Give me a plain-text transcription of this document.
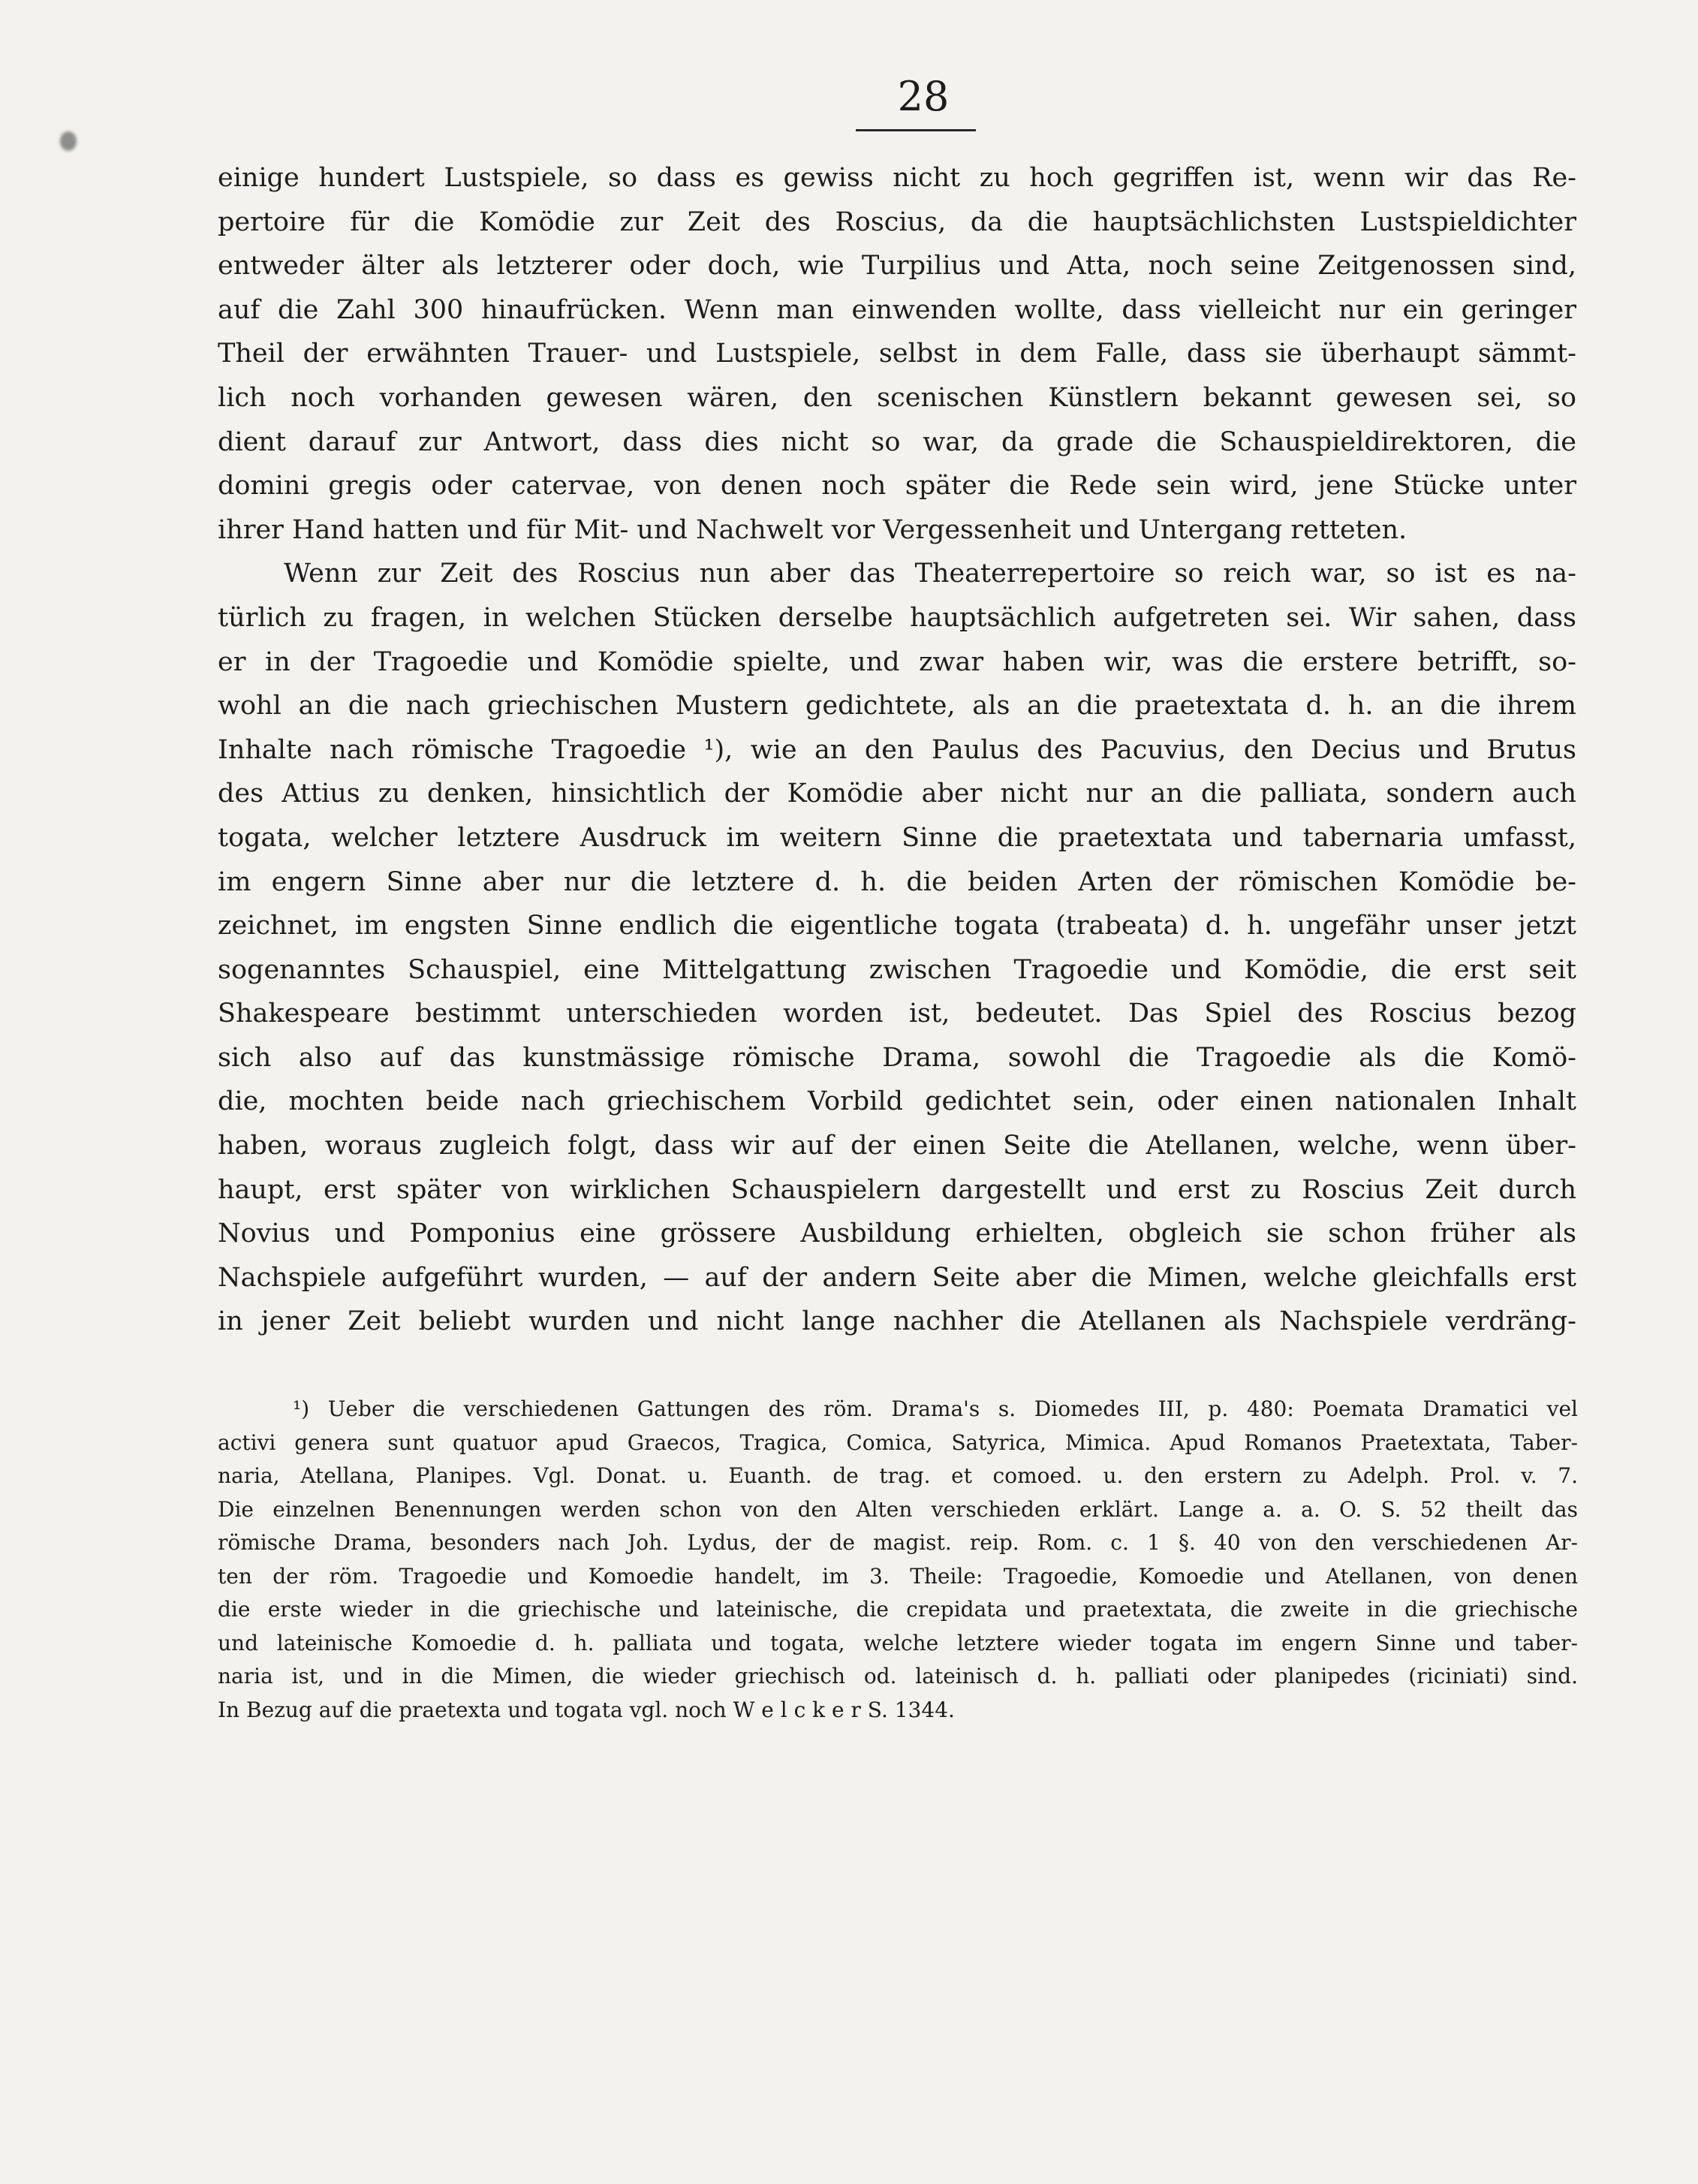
28
einige hundert Lustspiele, so dass es gewiss nicht zu hoch gegriffen ist, wenn wir das Re-
pertoire für die Komödie zur Zeit des Roscius, da die hauptsächlichsten Lustspieldichter
entweder älter als letzterer oder doch, wie Turpilius und Atta, noch seine Zeitgenossen sind,
auf die Zahl 300 hinaufrücken. Wenn man einwenden wollte, dass vielleicht nur ein geringer
Theil der erwähnten Trauer- und Lustspiele, selbst in dem Falle, dass sie überhaupt sämmt-
lich noch vorhanden gewesen wären, den scenischen Künstlern bekannt gewesen sei, so
dient darauf zur Antwort, dass dies nicht so war, da grade die Schauspieldirektoren, die
domini gregis oder catervae, von denen noch später die Rede sein wird, jene Stücke unter
ihrer Hand hatten und für Mit- und Nachwelt vor Vergessenheit und Untergang retteten.
Wenn zur Zeit des Roscius nun aber das Theaterrepertoire so reich war, so ist es na-
türlich zu fragen, in welchen Stücken derselbe hauptsächlich aufgetreten sei. Wir sahen, dass
er in der Tragoedie und Komödie spielte, und zwar haben wir, was die erstere betrifft, so-
wohl an die nach griechischen Mustern gedichtete, als an die praetextata d. h. an die ihrem
Inhalte nach römische Tragoedie ¹), wie an den Paulus des Pacuvius, den Decius und Brutus
des Attius zu denken, hinsichtlich der Komödie aber nicht nur an die palliata, sondern auch
togata, welcher letztere Ausdruck im weitern Sinne die praetextata und tabernaria umfasst,
im engern Sinne aber nur die letztere d. h. die beiden Arten der römischen Komödie be-
zeichnet, im engsten Sinne endlich die eigentliche togata (trabeata) d. h. ungefähr unser jetzt
sogenanntes Schauspiel, eine Mittelgattung zwischen Tragoedie und Komödie, die erst seit
Shakespeare bestimmt unterschieden worden ist, bedeutet. Das Spiel des Roscius bezog
sich also auf das kunstmässige römische Drama, sowohl die Tragoedie als die Komö-
die, mochten beide nach griechischem Vorbild gedichtet sein, oder einen nationalen Inhalt
haben, woraus zugleich folgt, dass wir auf der einen Seite die Atellanen, welche, wenn über-
haupt, erst später von wirklichen Schauspielern dargestellt und erst zu Roscius Zeit durch
Novius und Pomponius eine grössere Ausbildung erhielten, obgleich sie schon früher als
Nachspiele aufgeführt wurden, — auf der andern Seite aber die Mimen, welche gleichfalls erst
in jener Zeit beliebt wurden und nicht lange nachher die Atellanen als Nachspiele verdräng-
¹) Ueber die verschiedenen Gattungen des röm. Drama's s. Diomedes III, p. 480: Poemata Dramatici vel
activi genera sunt quatuor apud Graecos, Tragica, Comica, Satyrica, Mimica. Apud Romanos Praetextata, Taber-
naria, Atellana, Planipes. Vgl. Donat. u. Euanth. de trag. et comoed. u. den erstern zu Adelph. Prol. v. 7.
Die einzelnen Benennungen werden schon von den Alten verschieden erklärt. Lange a. a. O. S. 52 theilt das
römische Drama, besonders nach Joh. Lydus, der de magist. reip. Rom. c. 1 §. 40 von den verschiedenen Ar-
ten der röm. Tragoedie und Komoedie handelt, im 3. Theile: Tragoedie, Komoedie und Atellanen, von denen
die erste wieder in die griechische und lateinische, die crepidata und praetextata, die zweite in die griechische
und lateinische Komoedie d. h. palliata und togata, welche letztere wieder togata im engern Sinne und taber-
naria ist, und in die Mimen, die wieder griechisch od. lateinisch d. h. palliati oder planipedes (riciniati) sind.
In Bezug auf die praetexta und togata vgl. noch W e l c k e r S. 1344.
